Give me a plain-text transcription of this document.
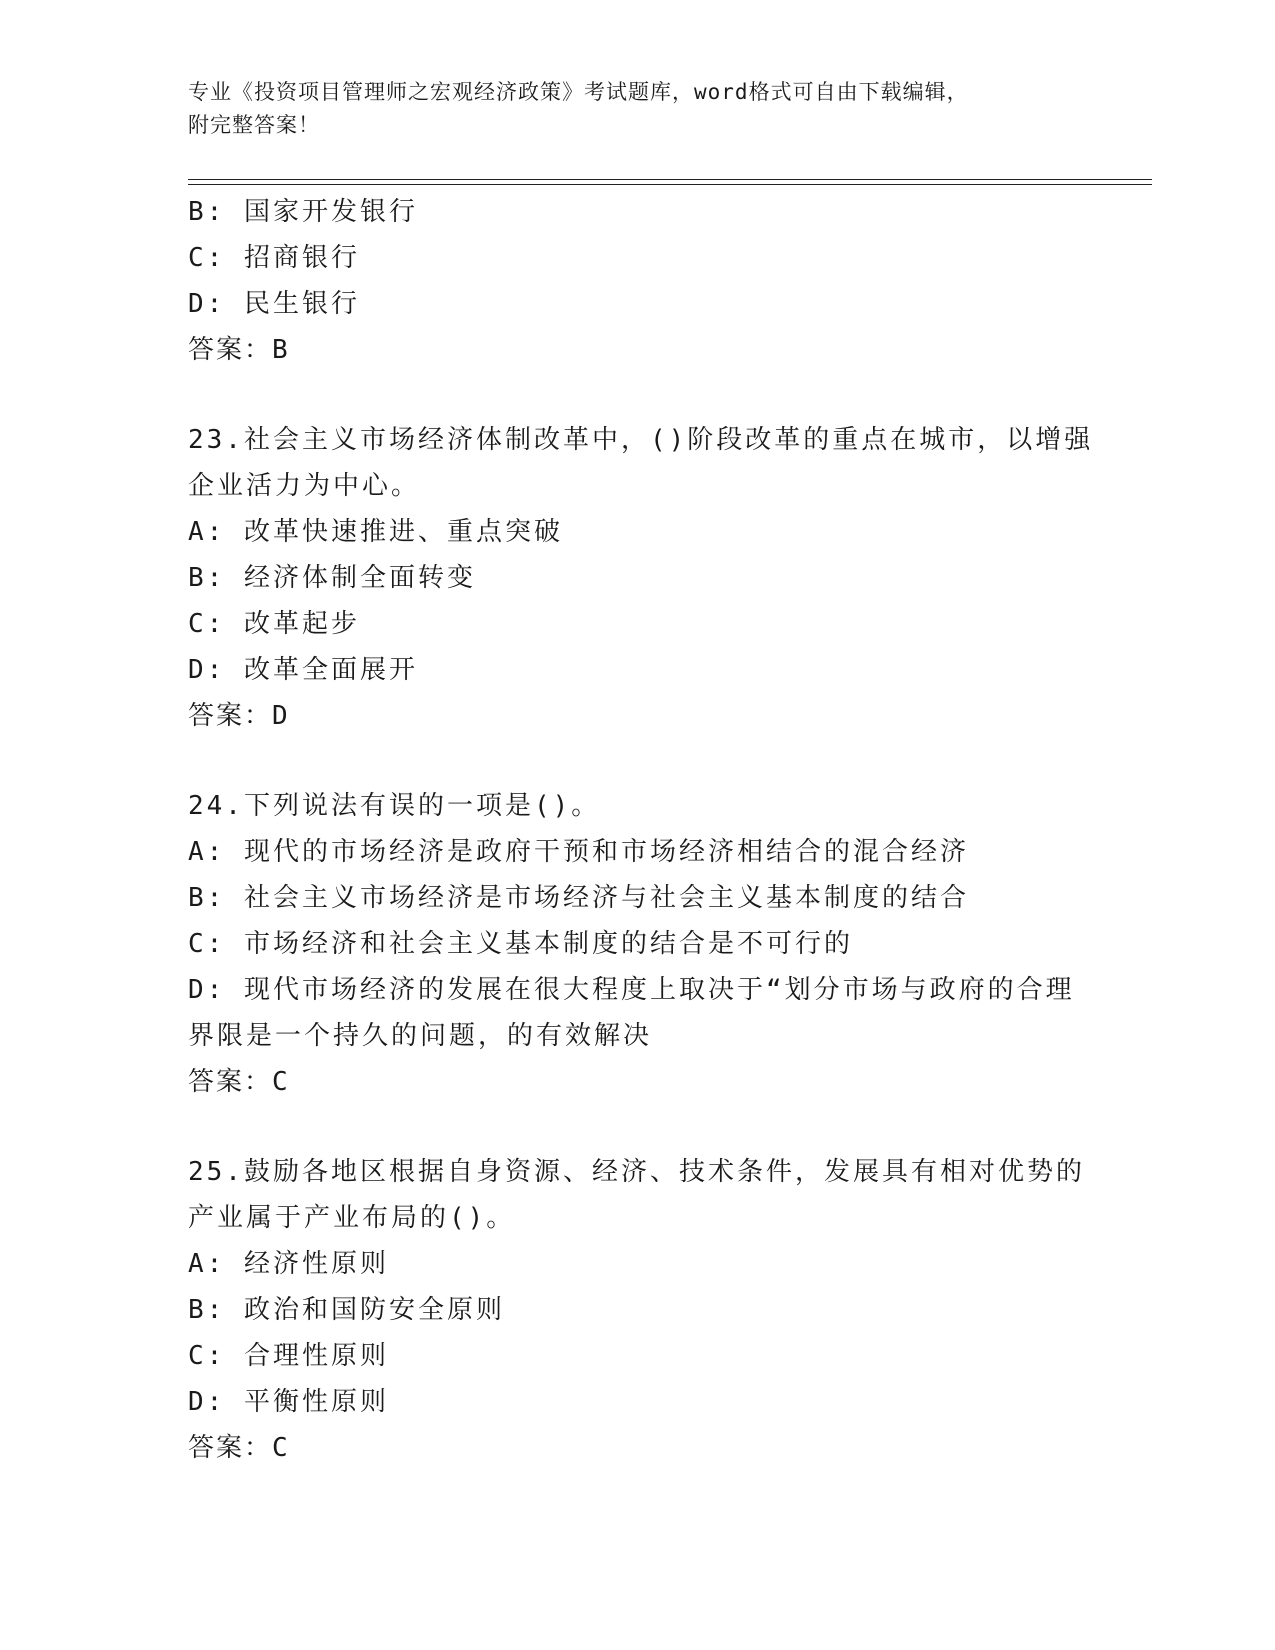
专业《投资项目管理师之宏观经济政策》考试题库，word格式可自由下载编辑，
附完整答案！
B: 国家开发银行
C: 招商银行
D: 民生银行
答案：B
23.社会主义市场经济体制改革中，()阶段改革的重点在城市，以增强
企业活力为中心。
A: 改革快速推进、重点突破
B: 经济体制全面转变
C: 改革起步
D: 改革全面展开
答案：D
24.下列说法有误的一项是()。
A: 现代的市场经济是政府干预和市场经济相结合的混合经济
B: 社会主义市场经济是市场经济与社会主义基本制度的结合
C: 市场经济和社会主义基本制度的结合是不可行的
D: 现代市场经济的发展在很大程度上取决于“划分市场与政府的合理
界限是一个持久的问题，的有效解决
答案：C
25.鼓励各地区根据自身资源、经济、技术条件，发展具有相对优势的
产业属于产业布局的()。
A: 经济性原则
B: 政治和国防安全原则
C: 合理性原则
D: 平衡性原则
答案：C
